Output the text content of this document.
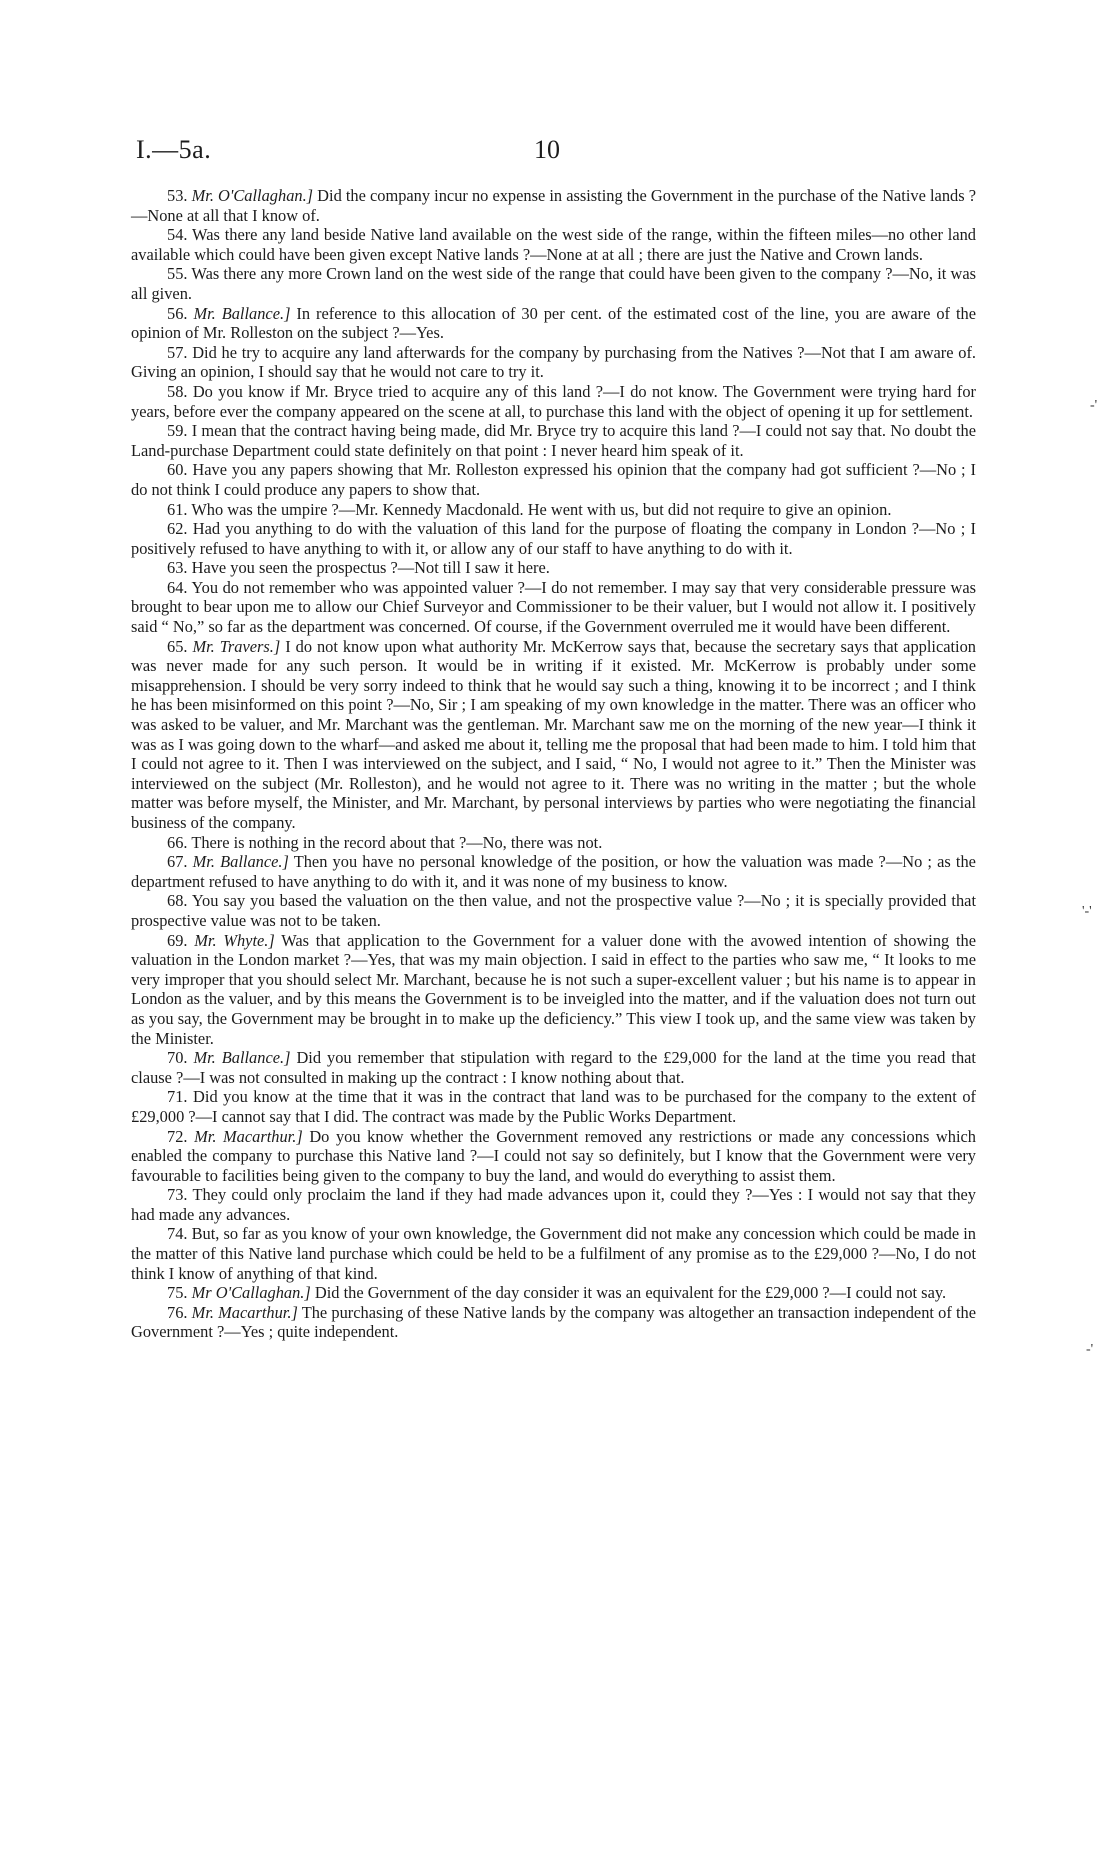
I.—5a.	10

53. Mr. O'Callaghan.] Did the company incur no expense in assisting the Government in the purchase of the Native lands ?—None at all that I know of.

54. Was there any land beside Native land available on the west side of the range, within the fifteen miles—no other land available which could have been given except Native lands ?—None at at all ; there are just the Native and Crown lands.

55. Was there any more Crown land on the west side of the range that could have been given to the company ?—No, it was all given.

56. Mr. Ballance.] In reference to this allocation of 30 per cent. of the estimated cost of the line, you are aware of the opinion of Mr. Rolleston on the subject ?—Yes.

57. Did he try to acquire any land afterwards for the company by purchasing from the Natives ?—Not that I am aware of. Giving an opinion, I should say that he would not care to try it.

58. Do you know if Mr. Bryce tried to acquire any of this land ?—I do not know. The Government were trying hard for years, before ever the company appeared on the scene at all, to purchase this land with the object of opening it up for settlement.

59. I mean that the contract having being made, did Mr. Bryce try to acquire this land ?—I could not say that. No doubt the Land-purchase Department could state definitely on that point : I never heard him speak of it.

60. Have you any papers showing that Mr. Rolleston expressed his opinion that the company had got sufficient ?—No ; I do not think I could produce any papers to show that.

61. Who was the umpire ?—Mr. Kennedy Macdonald. He went with us, but did not require to give an opinion.

62. Had you anything to do with the valuation of this land for the purpose of floating the company in London ?—No ; I positively refused to have anything to with it, or allow any of our staff to have anything to do with it.

63. Have you seen the prospectus ?—Not till I saw it here.

64. You do not remember who was appointed valuer ?—I do not remember. I may say that very considerable pressure was brought to bear upon me to allow our Chief Surveyor and Commissioner to be their valuer, but I would not allow it. I positively said “ No,” so far as the department was concerned. Of course, if the Government overruled me it would have been different.

65. Mr. Travers.] I do not know upon what authority Mr. McKerrow says that, because the secretary says that application was never made for any such person. It would be in writing if it existed. Mr. McKerrow is probably under some misapprehension. I should be very sorry indeed to think that he would say such a thing, knowing it to be incorrect ; and I think he has been misinformed on this point ?—No, Sir ; I am speaking of my own knowledge in the matter. There was an officer who was asked to be valuer, and Mr. Marchant was the gentleman. Mr. Marchant saw me on the morning of the new year—I think it was as I was going down to the wharf—and asked me about it, telling me the proposal that had been made to him. I told him that I could not agree to it. Then I was interviewed on the subject, and I said, “ No, I would not agree to it.” Then the Minister was interviewed on the subject (Mr. Rolleston), and he would not agree to it. There was no writing in the matter ; but the whole matter was before myself, the Minister, and Mr. Marchant, by personal interviews by parties who were negotiating the financial business of the company.

66. There is nothing in the record about that ?—No, there was not.

67. Mr. Ballance.] Then you have no personal knowledge of the position, or how the valuation was made ?—No ; as the department refused to have anything to do with it, and it was none of my business to know.

68. You say you based the valuation on the then value, and not the prospective value ?—No ; it is specially provided that prospective value was not to be taken.

69. Mr. Whyte.] Was that application to the Government for a valuer done with the avowed intention of showing the valuation in the London market ?—Yes, that was my main objection. I said in effect to the parties who saw me, “ It looks to me very improper that you should select Mr. Marchant, because he is not such a super-excellent valuer ; but his name is to appear in London as the valuer, and by this means the Government is to be inveigled into the matter, and if the valuation does not turn out as you say, the Government may be brought in to make up the deficiency.” This view I took up, and the same view was taken by the Minister.

70. Mr. Ballance.] Did you remember that stipulation with regard to the £29,000 for the land at the time you read that clause ?—I was not consulted in making up the contract : I know nothing about that.

71. Did you know at the time that it was in the contract that land was to be purchased for the company to the extent of £29,000 ?—I cannot say that I did. The contract was made by the Public Works Department.

72. Mr. Macarthur.] Do you know whether the Government removed any restrictions or made any concessions which enabled the company to purchase this Native land ?—I could not say so definitely, but I know that the Government were very favourable to facilities being given to the company to buy the land, and would do everything to assist them.

73. They could only proclaim the land if they had made advances upon it, could they ?—Yes : I would not say that they had made any advances.

74. But, so far as you know of your own knowledge, the Government did not make any concession which could be made in the matter of this Native land purchase which could be held to be a fulfilment of any promise as to the £29,000 ?—No, I do not think I know of anything of that kind.

75. Mr O'Callaghan.] Did the Government of the day consider it was an equivalent for the £29,000 ?—I could not say.

76. Mr. Macarthur.] The purchasing of these Native lands by the company was altogether an transaction independent of the Government ?—Yes ; quite independent.

-'
'-'
-'
